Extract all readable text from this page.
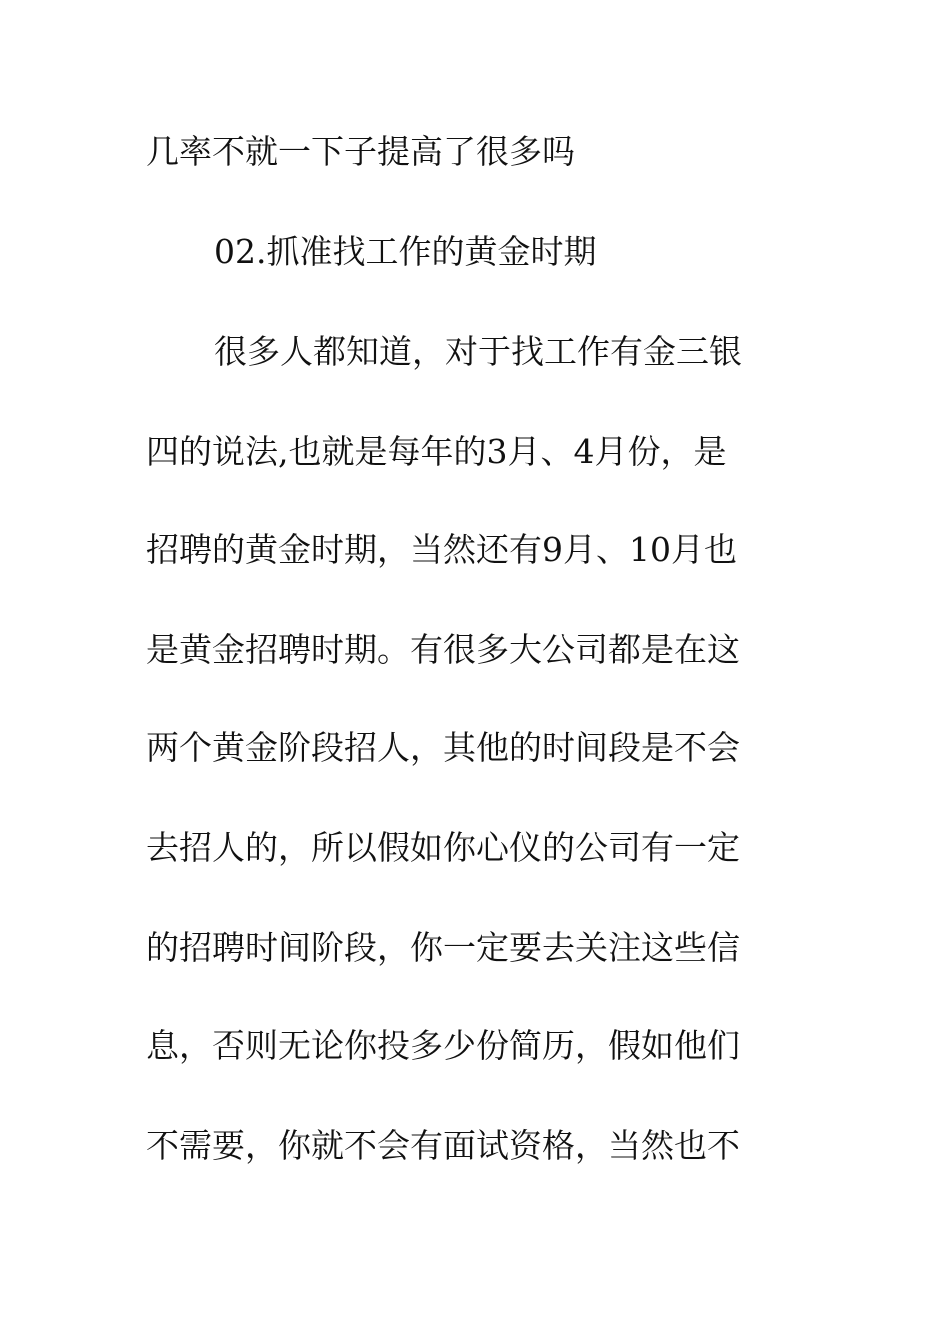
几率不就一下子提高了很多吗
02.抓准找工作的黄金时期
很多人都知道，对于找工作有金三银
四的说法,也就是每年的3月、4月份，是
招聘的黄金时期，当然还有9月、10月也
是黄金招聘时期。有很多大公司都是在这
两个黄金阶段招人，其他的时间段是不会
去招人的，所以假如你心仪的公司有一定
的招聘时间阶段，你一定要去关注这些信
息，否则无论你投多少份简历，假如他们
不需要，你就不会有面试资格，当然也不
